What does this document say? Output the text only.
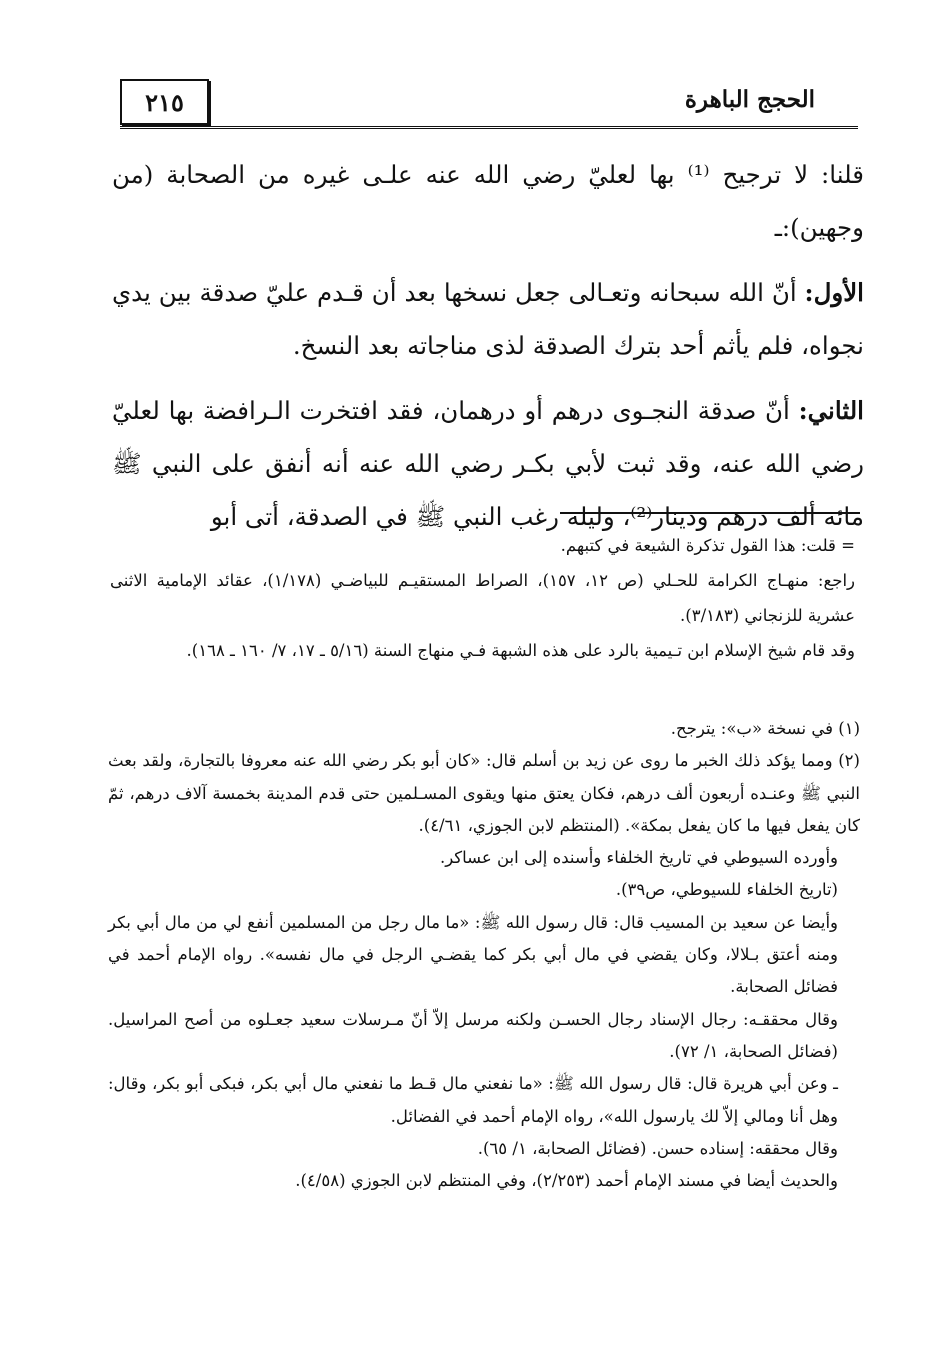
الحجج الباهرة
٢١٥

قلنا: لا ترجيح ⁽¹⁾ بها لعليّ رضي الله عنه علـى غيره من الصحابة (من وجهين):ـ

الأول: أنّ الله سبحانه وتعـالى جعل نسخها بعد أن قـدم عليّ صدقة بين يدي نجواه، فلم يأثم أحد بترك الصدقة لذى مناجاته بعد النسخ.

الثاني: أنّ صدقة النجـوى درهم أو درهمان، فقد افتخرت الـرافضة بها لعليّ رضي الله عنه، وقد ثبت لأبي بكـر رضي الله عنه أنه أنفق على النبي ﷺ مائة ألف درهم ودينار⁽²⁾، وليلة رغب النبي ﷺ في الصدقة، أتى أبو

= قلت: هذا القول تذكرة الشيعة في كتبهم.

راجع: منهـاج الكرامة للحـلي (ص ١٢، ١٥٧)، الصراط المستقيـم للبياضـي (١/١٧٨)، عقائد الإمامية الاثنى عشرية للزنجاني (٣/١٨٣).

وقد قام شيخ الإسلام ابن تـيمية بالرد على هذه الشبهة فـي منهاج السنة (٥/١٦ ـ ١٧، ٧/ ١٦٠ ـ ١٦٨).

(١) في نسخة «ب»: يترجح.

(٢) ومما يؤكد ذلك الخبر ما روى عن زيد بن أسلم قال: «كان أبو بكر رضي الله عنه معروفا بالتجارة، ولقد بعث النبي ﷺ وعنـده أربعون ألف درهم، فكان يعتق منها ويقوى المسـلمين حتى قدم المدينة بخمسة آلاف درهم، ثمّ كان يفعل فيها ما كان يفعل بمكة». (المنتظم لابن الجوزي، ٤/٦١).

وأورده السيوطي في تاريخ الخلفاء وأسنده إلى ابن عساكر.

(تاريخ الخلفاء للسيوطي، ص٣٩).

وأيضا عن سعيد بن المسيب قال: قال رسول الله ﷺ: «ما مال رجل من المسلمين أنفع لي من مال أبي بكر ومنه أعتق بـلالا، وكان يقضي في مال أبي بكر كما يقضـي الرجل في مال نفسه». رواه الإمام أحمد في فضائل الصحابة.

وقال محققـه: رجال الإسناد رجال الحسـن ولكنه مرسل إلاّ أنّ مـرسلات سعيد جعـلوه من أصح المراسيل. (فضائل الصحابة، ١/ ٧٢).

ـ وعن أبي هريرة قال: قال رسول الله ﷺ: «ما نفعني مال قـط ما نفعني مال أبي بكر، فبكى أبو بكر، وقال: وهل أنا ومالي إلاّ لك يارسول الله»، رواه الإمام أحمد في الفضائل.

وقال محققه: إسناده حسن. (فضائل الصحابة، ١/ ٦٥).

والحديث أيضا في مسند الإمام أحمد (٢/٢٥٣)، وفي المنتظم لابن الجوزي (٤/٥٨).
